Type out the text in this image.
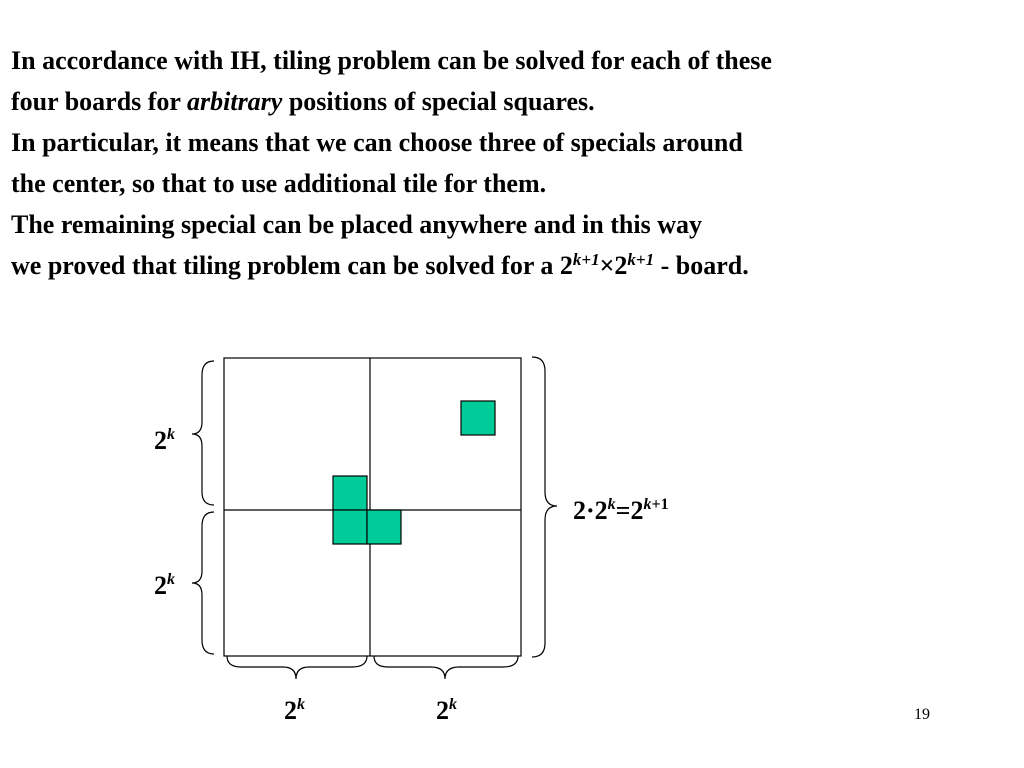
In accordance with IH, tiling problem can be solved for each of these
four boards for arbitrary positions of special squares.
In particular, it means that we can choose three of specials around
the center, so that to use additional tile for them.
The remaining special can be placed anywhere and in this way
we proved that tiling problem can be solved for a $2^{k+1}\times 2^{k+1}$ - board.
2$^k$
2$^k$
2$^k$	2$^k$
$2\cdot 2^k=2^{k+1}$
19
